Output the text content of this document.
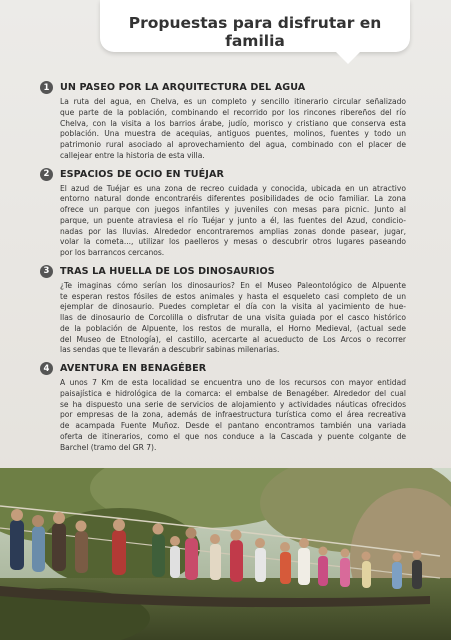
Propuestas para disfrutar en familia
1	UN PASEO POR LA ARQUITECTURA DEL AGUA
La ruta del agua, en Chelva, es un completo y sencillo itinerario circular señalizado
que parte de la población, combinando el recorrido por los rincones ribereños del río
Chelva, con la visita a los barrios árabe, judío, morisco y cristiano que conserva esta
población. Una muestra de acequias, antiguos puentes, molinos, fuentes y todo un
patrimonio rural asociado al aprovechamiento del agua, combinado con el placer de
callejear entre la historia de esta villa.
2	ESPACIOS DE OCIO EN TUÉJAR
El azud de Tuéjar es una zona de recreo cuidada y conocida, ubicada en un atractivo
entorno natural donde encontraréis diferentes posibilidades de ocio familiar. La zona
ofrece un parque con juegos infantiles y juveniles con mesas para picnic. Junto al
parque, un puente atraviesa el río Tuéjar y junto a él, las fuentes del Azud, condicio-
nadas por las lluvias. Alrededor encontraremos amplias zonas donde pasear, jugar,
volar la cometa..., utilizar los paelleros y mesas o descubrir otros lugares paseando
por los barrancos cercanos.
3	TRAS LA HUELLA DE LOS DINOSAURIOS
¿Te imaginas cómo serían los dinosaurios? En el Museo Paleontológico de Alpuente
te esperan restos fósiles de estos animales y hasta el esqueleto casi completo de un
ejemplar de dinosaurio. Puedes completar el día con la visita al yacimiento de hue-
llas de dinosaurio de Corcolilla o disfrutar de una visita guiada por el casco histórico
de la población de Alpuente, los restos de muralla, el Horno Medieval, (actual sede
del Museo de Etnología), el castillo, acercarte al acueducto de Los Arcos o recorrer
las sendas que te llevarán a descubrir sabinas milenarias.
4	AVENTURA EN BENAGÉBER
A unos 7 Km de esta localidad se encuentra uno de los recursos con mayor entidad
paisajística e hidrológica de la comarca: el embalse de Benagéber. Alrededor del cual
se ha dispuesto una serie de servicios de alojamiento y actividades náuticas ofrecidos
por empresas de la zona, además de infraestructura turística como el área recreativa
de acampada Fuente Muñoz. Desde el pantano encontramos también una variada
oferta de itinerarios, como el que nos conduce a la Cascada y puente colgante de
Barchel (tramo del GR 7).
